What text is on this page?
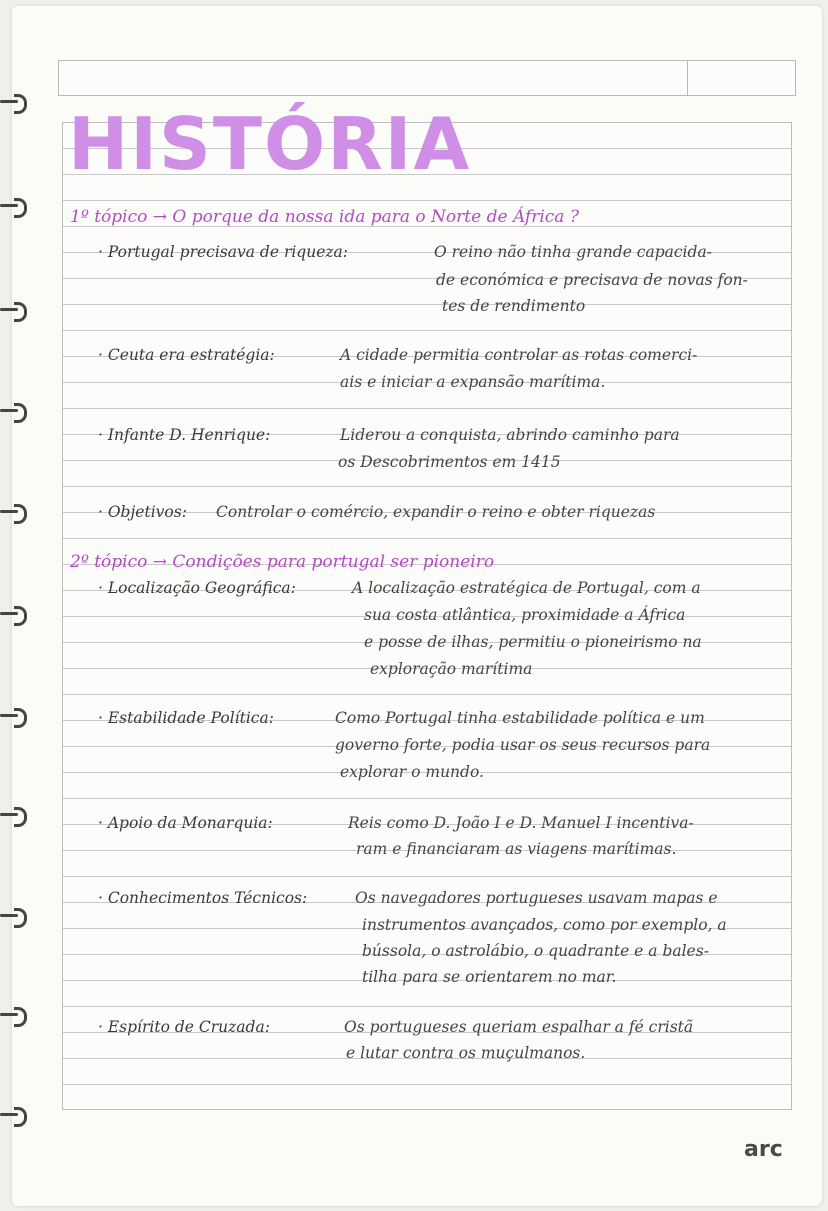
HISTÓRIA
1º tópico → O porque da nossa ida para o Norte de África ?
· Portugal precisava de riqueza:	O reino não tinha grande capacida-
de económica e precisava de novas fon-
tes de rendimento
· Ceuta era estratégia:	A cidade permitia controlar as rotas comerci-
ais e iniciar a expansão marítima.
· Infante D. Henrique:	Liderou a conquista, abrindo caminho para
os Descobrimentos em 1415
· Objetivos: Controlar o comércio, expandir o reino e obter riquezas
2º tópico → Condições para portugal ser pioneiro
· Localização Geográfica:	A localização estratégica de Portugal, com a
sua costa atlântica, proximidade a África
e posse de ilhas, permitiu o pioneirismo na
exploração marítima
· Estabilidade Política:	Como Portugal tinha estabilidade política e um
governo forte, podia usar os seus recursos para
explorar o mundo.
· Apoio da Monarquia:	Reis como D. João I e D. Manuel I incentiva-
ram e financiaram as viagens marítimas.
· Conhecimentos Técnicos:	Os navegadores portugueses usavam mapas e
instrumentos avançados, como por exemplo, a
bússola, o astrolábio, o quadrante e a bales-
tilha para se orientarem no mar.
· Espírito de Cruzada:	Os portugueses queriam espalhar a fé cristã
e lutar contra os muçulmanos.
arc
